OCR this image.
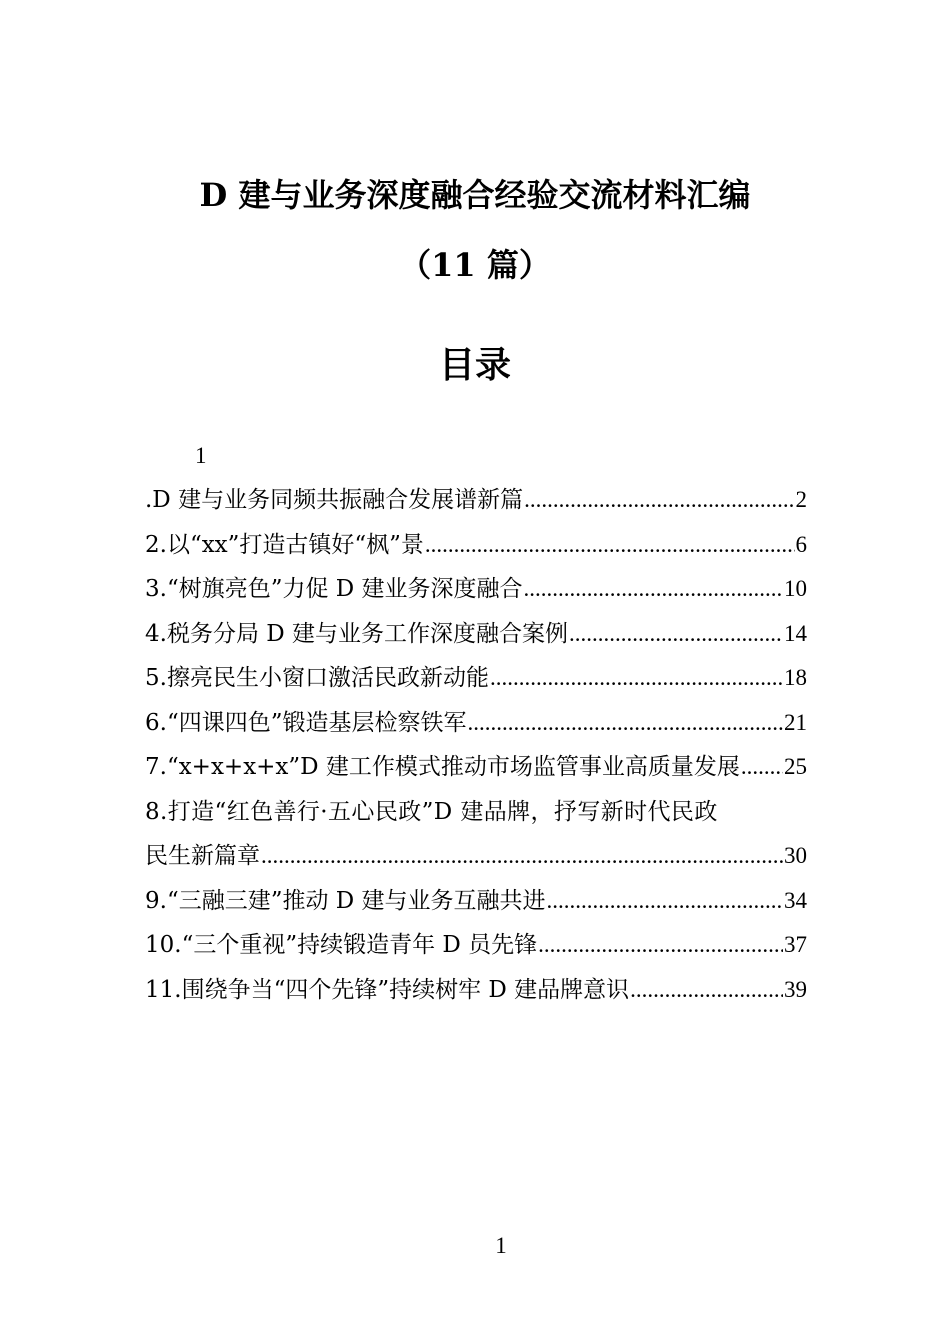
D 建与业务深度融合经验交流材料汇编
（11 篇）
目录
1
.D 建与业务同频共振融合发展谱新篇 .....	2
2.以“xx”打造古镇好“枫”景 .....	6
3.“树旗亮色”力促 D 建业务深度融合 .....	10
4.税务分局 D 建与业务工作深度融合案例 .....	14
5.擦亮民生小窗口激活民政新动能 .....	18
6.“四课四色”锻造基层检察铁军 .....	21
7.“x+x+x+x”D 建工作模式推动市场监管事业高质量发展 ..... 25
8.打造“红色善行·五心民政”D 建品牌，抒写新时代民政
民生新篇章 .....	30
9.“三融三建”推动 D 建与业务互融共进 .....	34
10.“三个重视”持续锻造青年 D 员先锋 .....	37
11.围绕争当“四个先锋”持续树牢 D 建品牌意识 .....	39
1
